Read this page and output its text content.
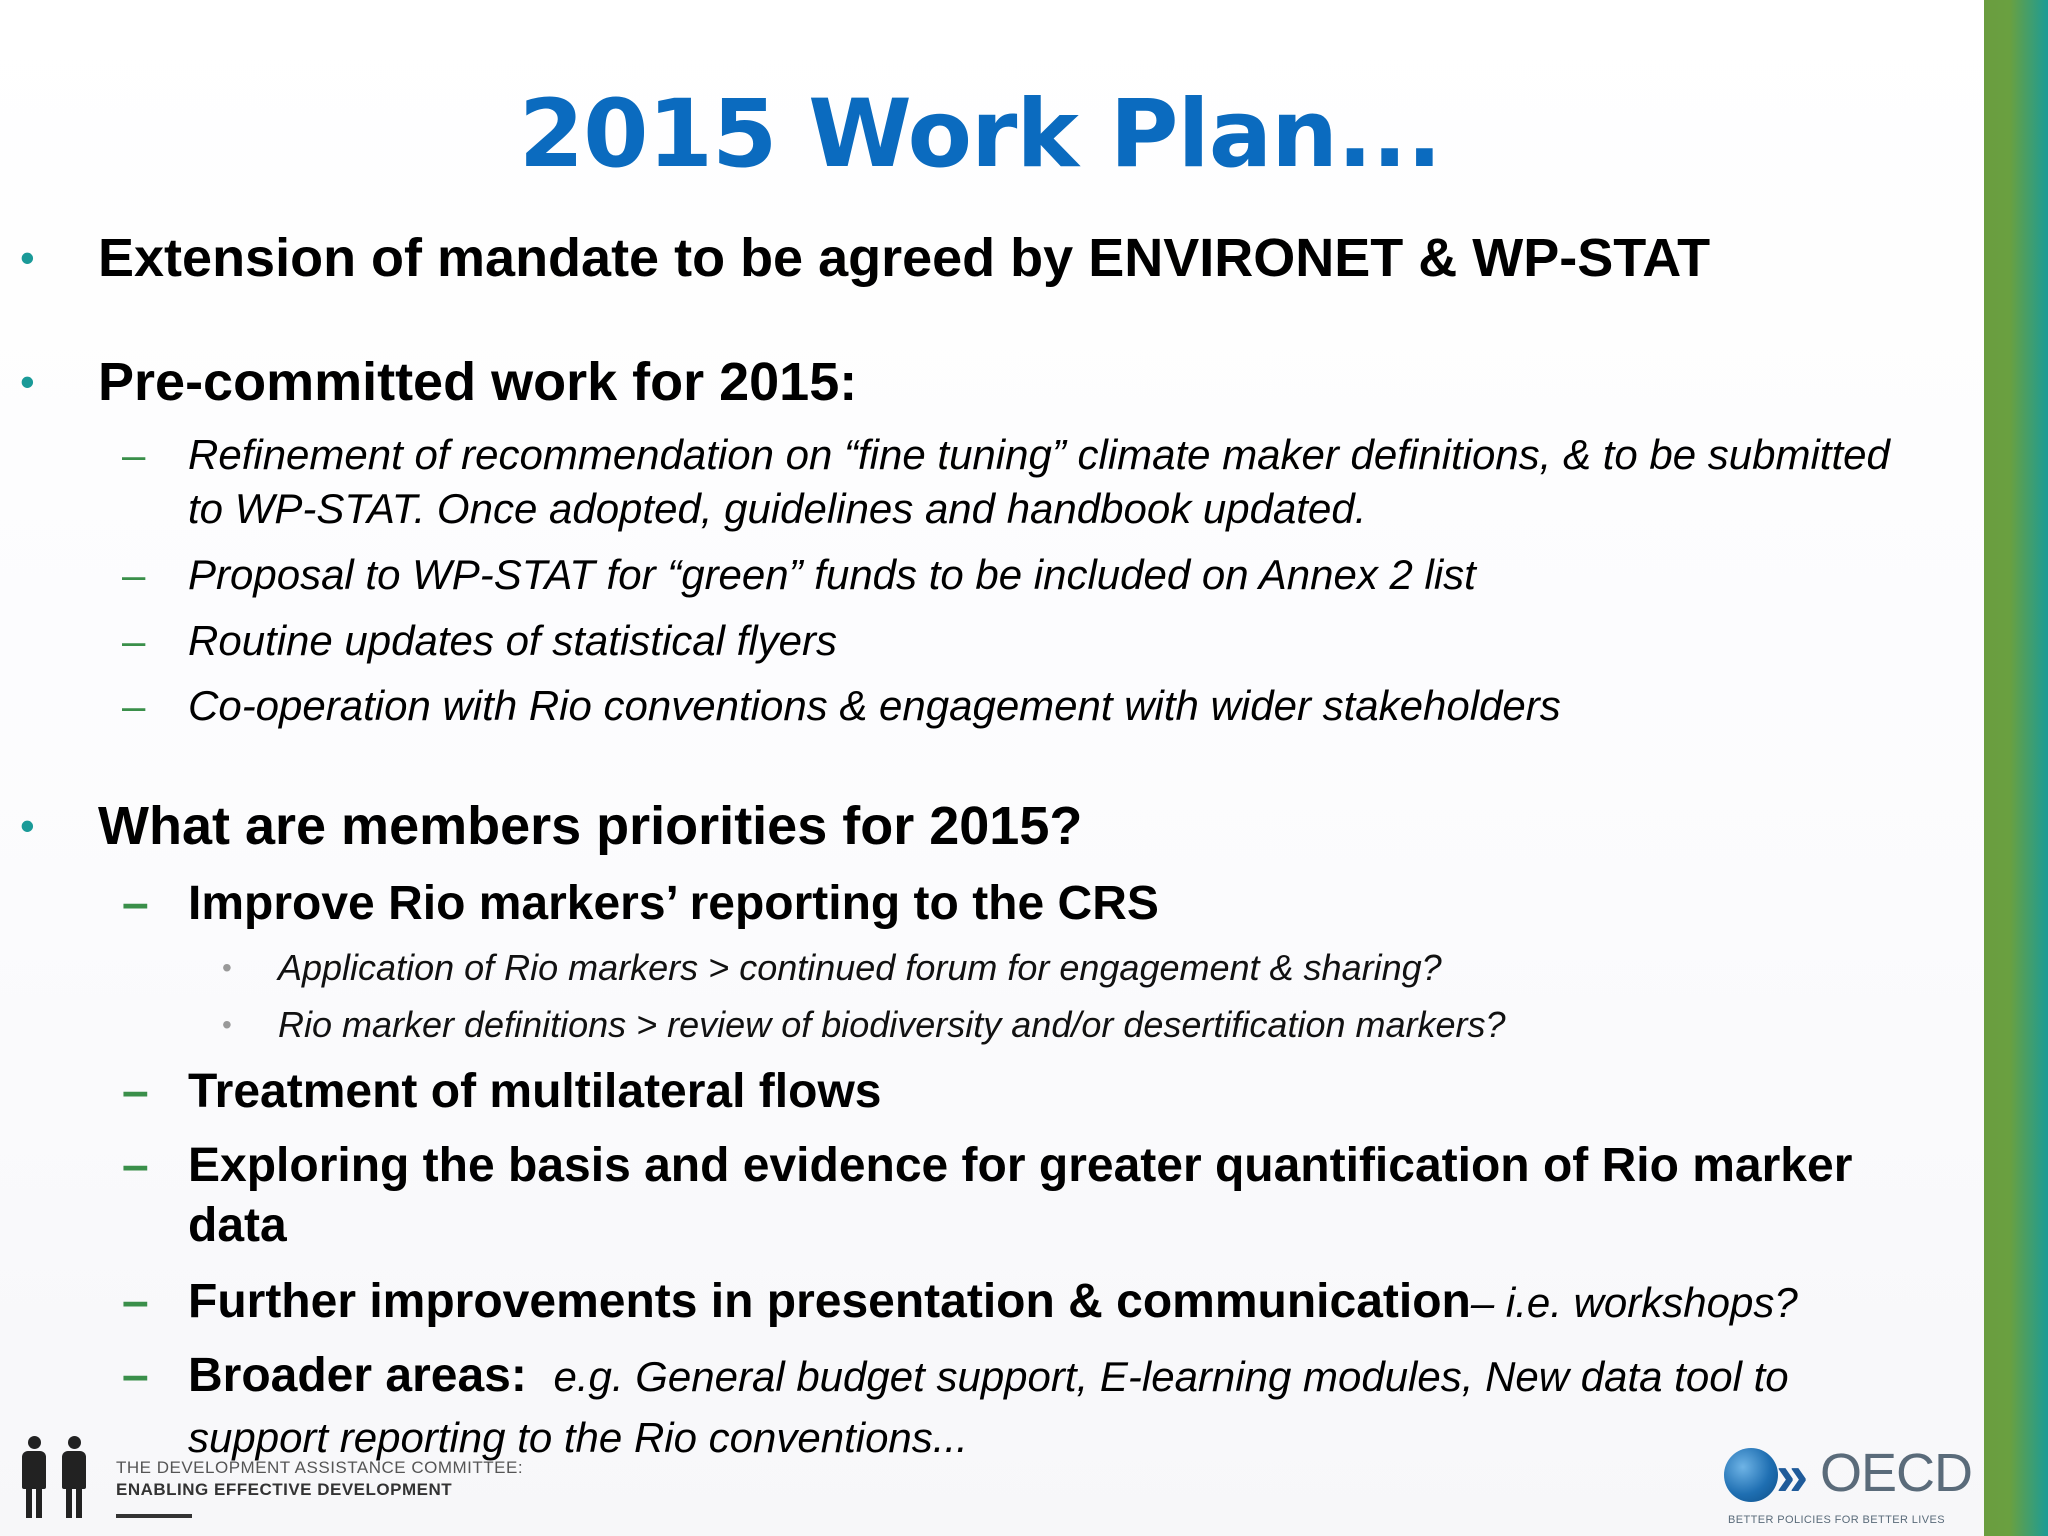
2015 Work Plan...
•	Extension of mandate to be agreed by ENVIRONET & WP-STAT
•	Pre-committed work for 2015:
– Refinement of recommendation on “fine tuning” climate maker definitions, & to be submitted to WP-STAT. Once adopted, guidelines and handbook updated.
– Proposal to WP-STAT for “green” funds to be included on Annex 2 list
– Routine updates of statistical flyers
– Co-operation with Rio conventions & engagement with wider stakeholders
•	What are members priorities for 2015?
– Improve Rio markers’ reporting to the CRS
• Application of Rio markers > continued forum for engagement & sharing?
• Rio marker definitions > review of biodiversity and/or desertification markers?
– Treatment of multilateral flows
– Exploring the basis and evidence for greater quantification of Rio marker data
– Further improvements in presentation & communication– i.e. workshops?
– Broader areas: e.g. General budget support, E-learning modules, New data tool to support reporting to the Rio conventions...
THE DEVELOPMENT ASSISTANCE COMMITTEE:
ENABLING EFFECTIVE DEVELOPMENT	» OECD
BETTER POLICIES FOR BETTER LIVES
